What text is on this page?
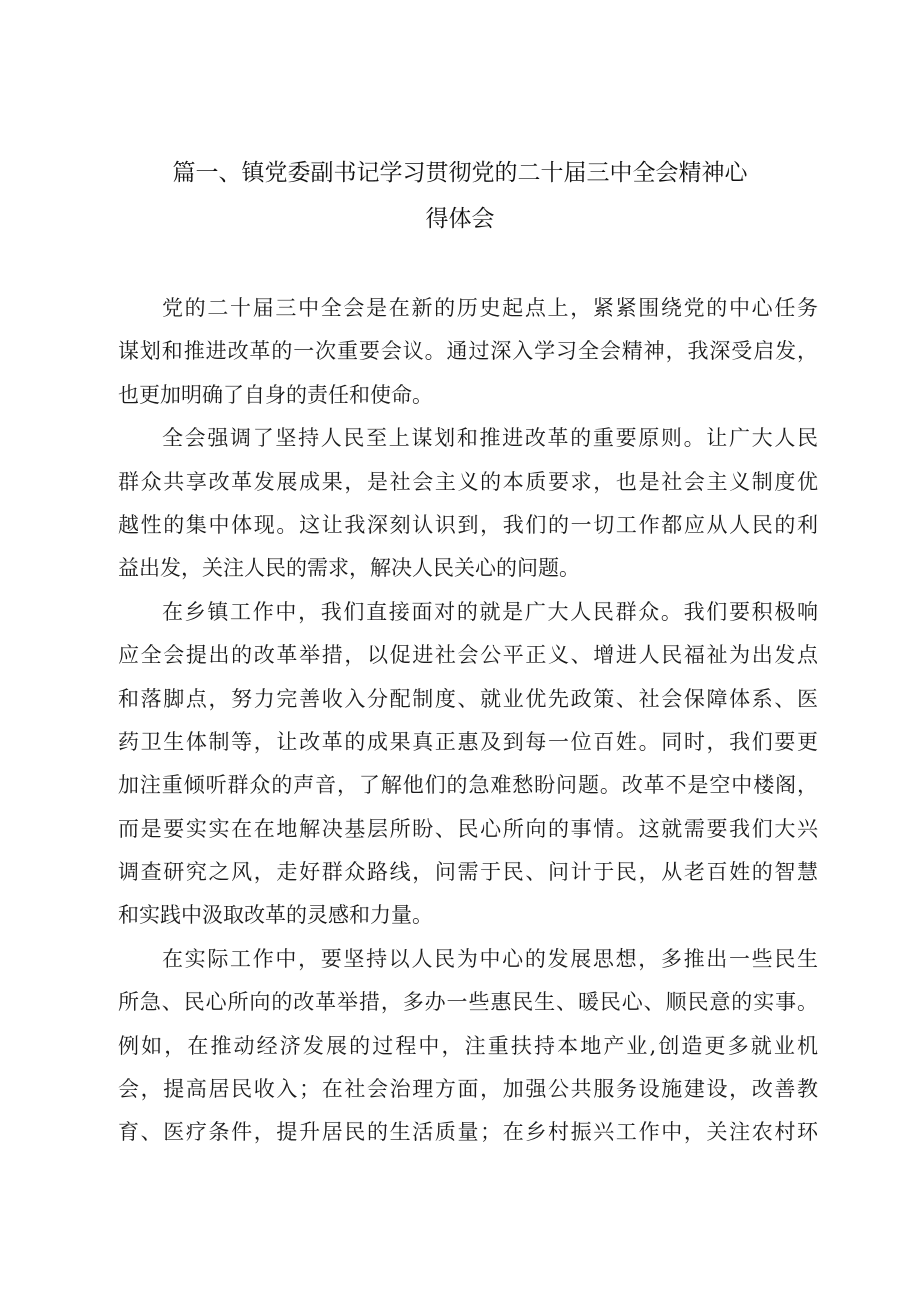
篇一、镇党委副书记学习贯彻党的二十届三中全会精神心
得体会
党的二十届三中全会是在新的历史起点上，紧紧围绕党的中心任务
谋划和推进改革的一次重要会议。通过深入学习全会精神，我深受启发，
也更加明确了自身的责任和使命。
全会强调了坚持人民至上谋划和推进改革的重要原则。让广大人民
群众共享改革发展成果，是社会主义的本质要求，也是社会主义制度优
越性的集中体现。这让我深刻认识到，我们的一切工作都应从人民的利
益出发，关注人民的需求，解决人民关心的问题。
在乡镇工作中，我们直接面对的就是广大人民群众。我们要积极响
应全会提出的改革举措，以促进社会公平正义、增进人民福祉为出发点
和落脚点，努力完善收入分配制度、就业优先政策、社会保障体系、医
药卫生体制等，让改革的成果真正惠及到每一位百姓。同时，我们要更
加注重倾听群众的声音，了解他们的急难愁盼问题。改革不是空中楼阁，
而是要实实在在地解决基层所盼、民心所向的事情。这就需要我们大兴
调查研究之风，走好群众路线，问需于民、问计于民，从老百姓的智慧
和实践中汲取改革的灵感和力量。
在实际工作中，要坚持以人民为中心的发展思想，多推出一些民生
所急、民心所向的改革举措，多办一些惠民生、暖民心、顺民意的实事。
例如，在推动经济发展的过程中，注重扶持本地产业,创造更多就业机
会，提高居民收入；在社会治理方面，加强公共服务设施建设，改善教
育、医疗条件，提升居民的生活质量；在乡村振兴工作中，关注农村环
